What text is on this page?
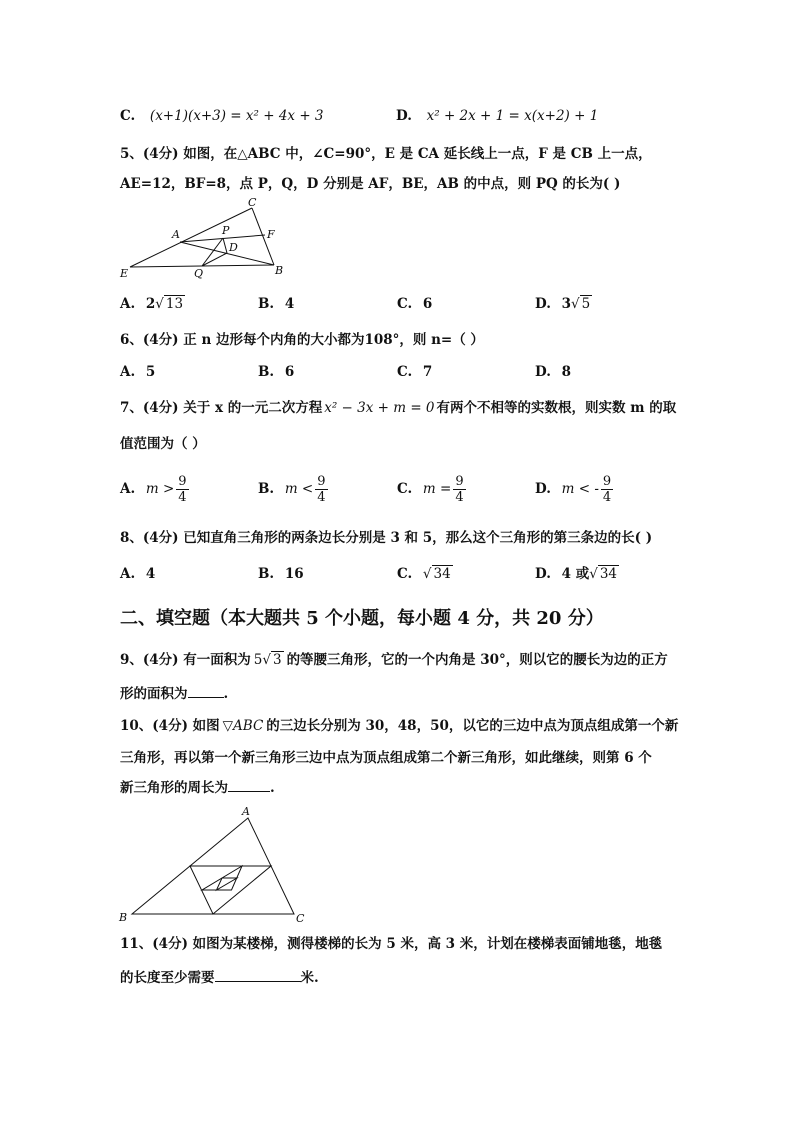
C. (x+1)(x+3) = x² + 4x + 3	D. x² + 2x + 1 = x(x+2) + 1
5、(4分) 如图，在△ABC 中，∠C=90°，E 是 CA 延长线上一点，F 是 CB 上一点，
AE=12，BF=8，点 P，Q，D 分别是 AF，BE，AB 的中点，则 PQ 的长为( )
C
A	P	F
D
E	Q	B
A. 2√ 13	B. 4	C. 6	D. 3√ 5
6、(4分) 正 n 边形每个内角的大小都为108°，则 n=（ ）
A. 5	B. 6	C. 7	D. 8
7、(4分) 关于 x 的一元二次方程 x² − 3x + m = 0 有两个不相等的实数根，则实数 m 的取
值范围为（ ）
A. $m > \frac{9}{4}$	B. $m < \frac{9}{4}$	C. $m = \frac{9}{4}$	D. m < - $\frac{9}{4}$
8、(4分) 已知直角三角形的两条边长分别是 3 和 5，那么这个三角形的第三条边的长( )
A. 4	B. 16	C. √ 34	D. 4 或√ 34
二、填空题（本大题共 5 个小题，每小题 4 分，共 20 分）
9、(4分) 有一面积为 5√ 3 的等腰三角形，它的一个内角是 30°，则以它的腰长为边的正方
形的面积为	.
10、(4分) 如图 ▽ABC 的三边长分别为 30，48，50，以它的三边中点为顶点组成第一个新
三角形，再以第一个新三角形三边中点为顶点组成第二个新三角形，如此继续，则第 6 个
新三角形的周长为	.
A
B	C
11、(4分) 如图为某楼梯，测得楼梯的长为 5 米，高 3 米，计划在楼梯表面铺地毯，地毯
的长度至少需要	米.
